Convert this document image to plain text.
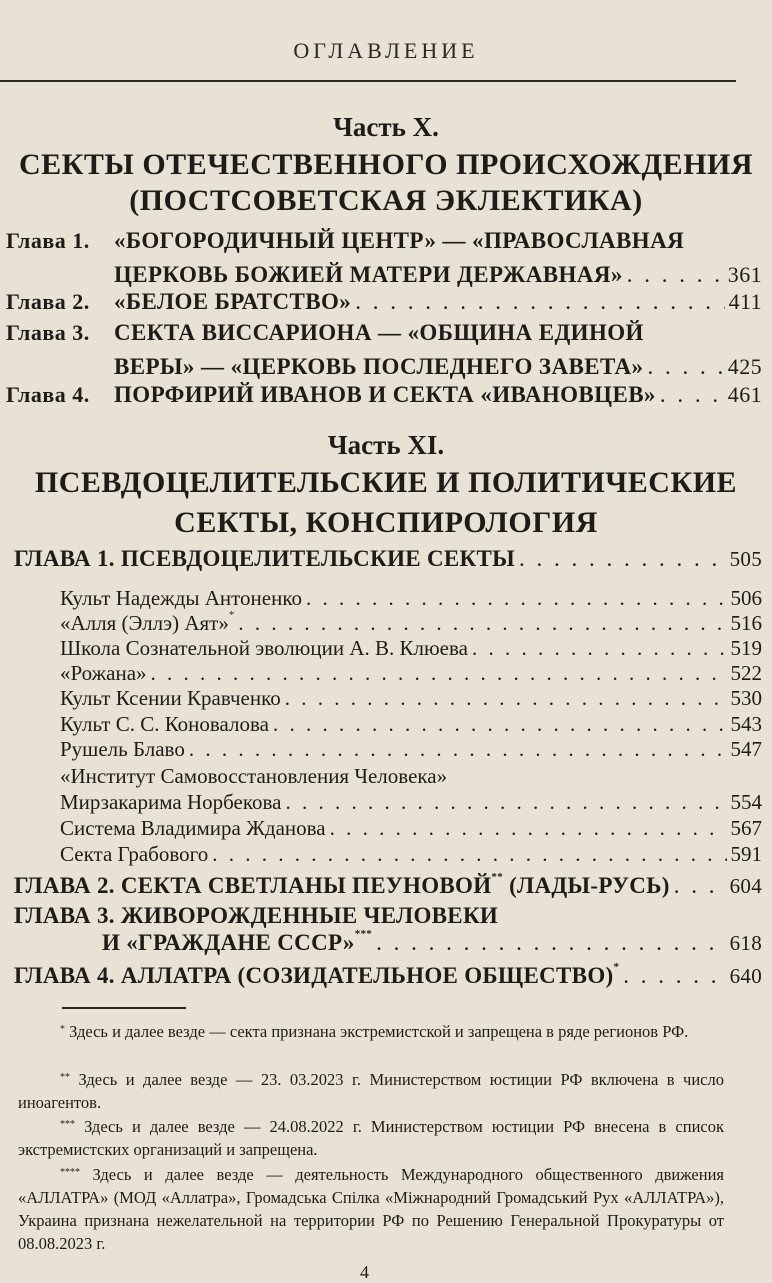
ОГЛАВЛЕНИЕ
Часть X.
СЕКТЫ ОТЕЧЕСТВЕННОГО ПРОИСХОЖДЕНИЯ
(ПОСТСОВЕТСКАЯ ЭКЛЕКТИКА)
Глава 1. «БОГОРОДИЧНЫЙ ЦЕНТР» — «ПРАВОСЛАВНАЯ
ЦЕРКОВЬ БОЖИЕЙ МАТЕРИ ДЕРЖАВНАЯ» . . .	361
Глава 2. «БЕЛОЕ БРАТСТВО» . . .	411
Глава 3. СЕКТА ВИССАРИОНА — «ОБЩИНА ЕДИНОЙ
ВЕРЫ» — «ЦЕРКОВЬ ПОСЛЕДНЕГО ЗАВЕТА» . . .	425
Глава 4. ПОРФИРИЙ ИВАНОВ И СЕКТА «ИВАНОВЦЕВ» . . .	461
Часть XI.
ПСЕВДОЦЕЛИТЕЛЬСКИЕ И ПОЛИТИЧЕСКИЕ
СЕКТЫ, КОНСПИРОЛОГИЯ
ГЛАВА 1. ПСЕВДОЦЕЛИТЕЛЬСКИЕ СЕКТЫ . . .	505
Культ Надежды Антоненко . . .	506
«Алля (Эллэ) Аят»* . . .	516
Школа Сознательной эволюции А. В. Клюева . . .	519
«Рожана» . . .	522
Культ Ксении Кравченко . . .	530
Культ С. С. Коновалова . . .	543
Рушель Блаво . . .	547
«Институт Самовосстановления Человека»
Мирзакарима Норбекова . . .	554
Система Владимира Жданова . . .	567
Секта Грабового . . .	591
ГЛАВА 2. СЕКТА СВЕТЛАНЫ ПЕУНОВОЙ** (ЛАДЫ-РУСЬ) . . .	604
ГЛАВА 3. ЖИВОРОЖДЕННЫЕ ЧЕЛОВЕКИ
И «ГРАЖДАНЕ СССР»*** . . .	618
ГЛАВА 4. АЛЛАТРА (СОЗИДАТЕЛЬНОЕ ОБЩЕСТВО)* . . .	640

* Здесь и далее везде — секта признана экстремистской и запрещена в ряде регионов РФ.

** Здесь и далее везде — 23. 03.2023 г. Министерством юстиции РФ включена в число иноагентов.

*** Здесь и далее везде — 24.08.2022 г. Министерством юстиции РФ внесена в список экстремистских организаций и запрещена.

**** Здесь и далее везде — деятельность Международного общественного движения «АЛЛАТРА» (МОД «Аллатра», Громадська Спілка «Міжнародний Громадський Рух «АЛЛАТРА»), Украина признана нежелательной на территории РФ по Решению Генеральной Прокуратуры от 08.08.2023 г.

4
